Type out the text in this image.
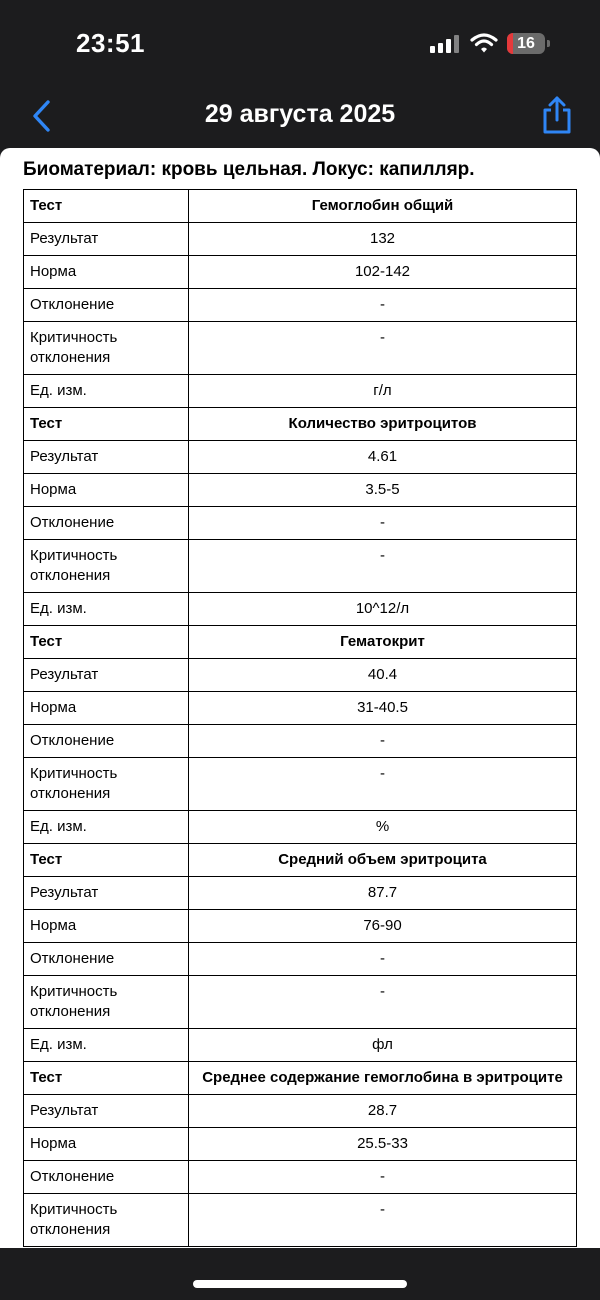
23:51	16
29 августа 2025
Биоматериал: кровь цельная. Локус: капилляр.
Тест	Гемоглобин общий
Результат	132
Норма	102-142
Отклонение	-
Критичность отклонения	-
Ед. изм.	г/л
Тест	Количество эритроцитов
Результат	4.61
Норма	3.5-5
Отклонение	-
Критичность отклонения	-
Ед. изм.	10^12/л
Тест	Гематокрит
Результат	40.4
Норма	31-40.5
Отклонение	-
Критичность отклонения	-
Ед. изм.	%
Тест	Средний объем эритроцита
Результат	87.7
Норма	76-90
Отклонение	-
Критичность отклонения	-
Ед. изм.	фл
Тест	Среднее содержание гемоглобина в эритроците
Результат	28.7
Норма	25.5-33
Отклонение	-
Критичность отклонения	-
